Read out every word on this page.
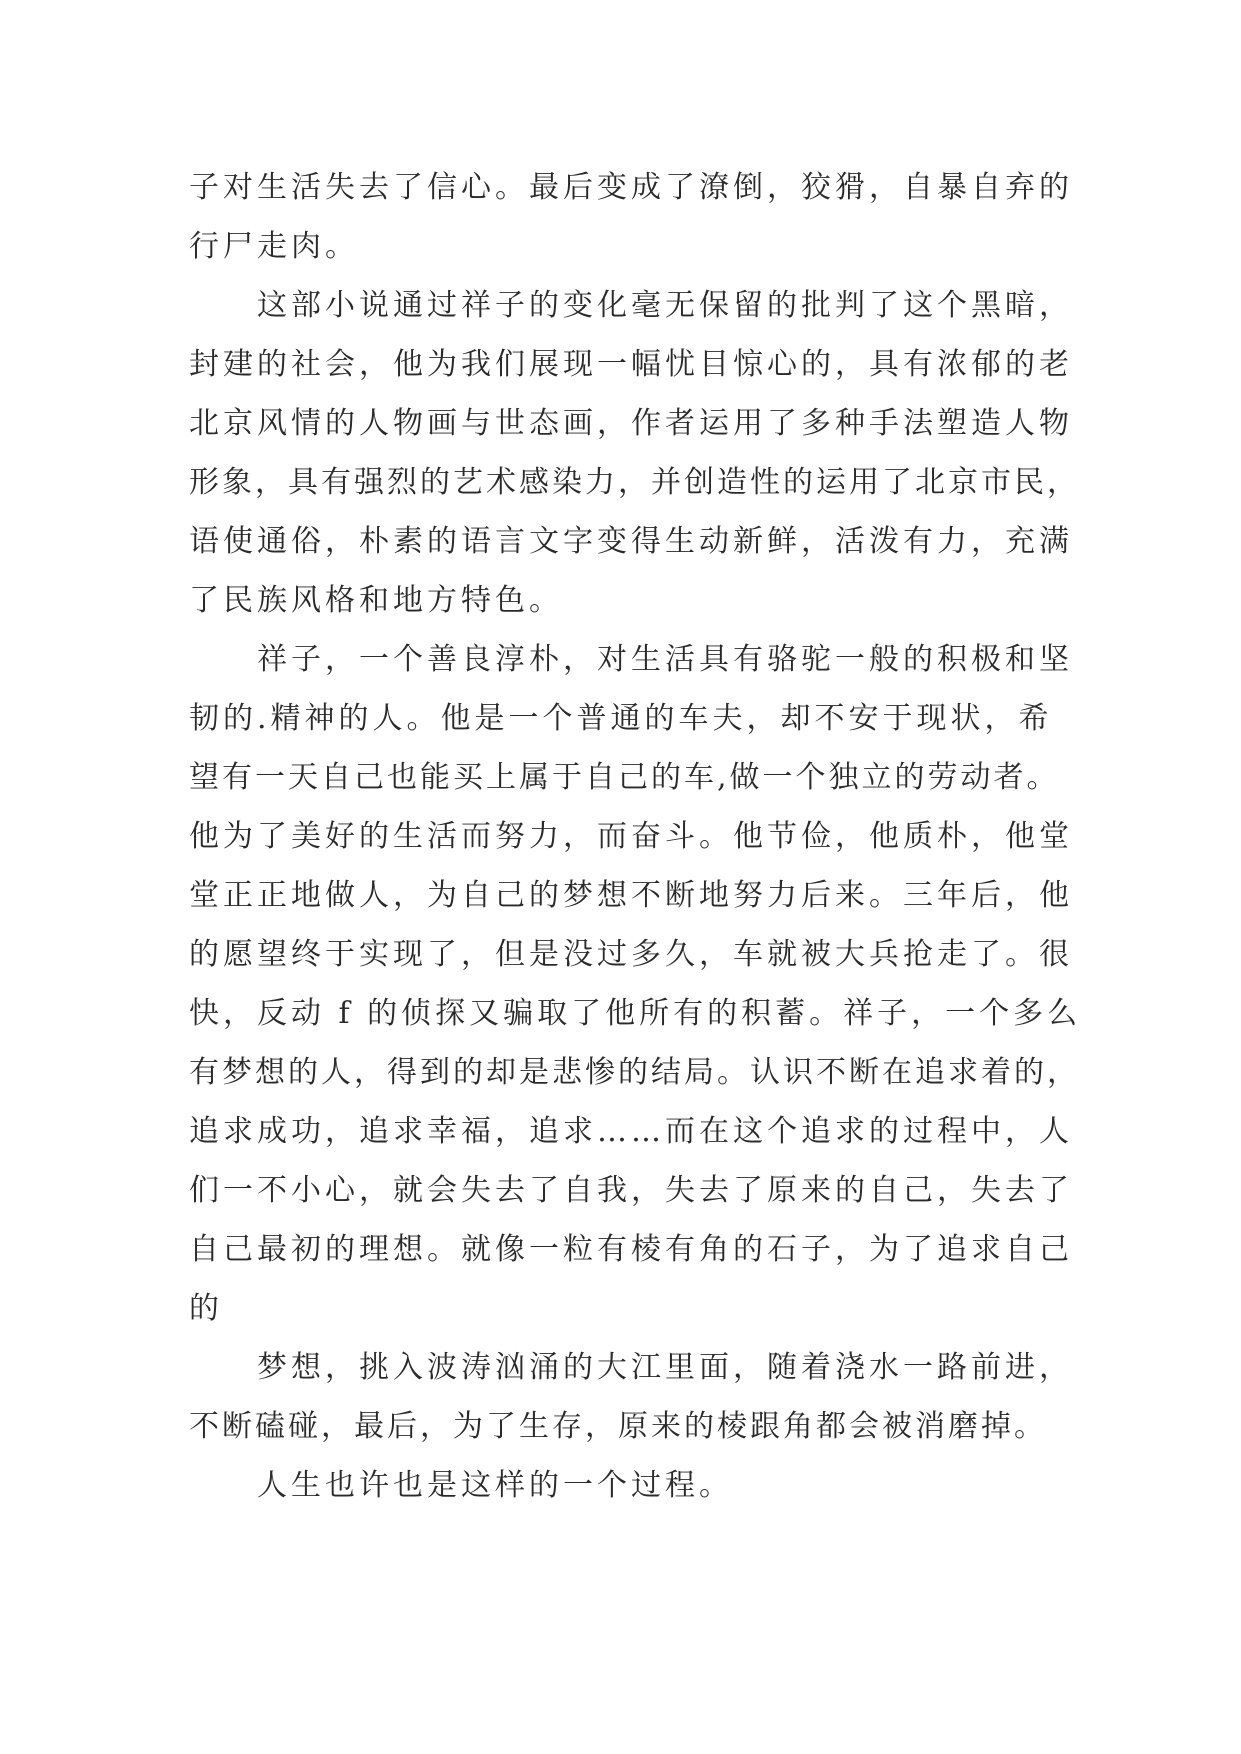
子对生活失去了信心。最后变成了潦倒，狡猾，自暴自弃的
行尸走肉。
这部小说通过祥子的变化毫无保留的批判了这个黑暗，
封建的社会，他为我们展现一幅忧目惊心的，具有浓郁的老
北京风情的人物画与世态画，作者运用了多种手法塑造人物
形象，具有强烈的艺术感染力，并创造性的运用了北京市民，
语使通俗，朴素的语言文字变得生动新鲜，活泼有力，充满
了民族风格和地方特色。
祥子，一个善良淳朴，对生活具有骆驼一般的积极和坚
韧的.精神的人。他是一个普通的车夫，却不安于现状，希
望有一天自己也能买上属于自己的车,做一个独立的劳动者。
他为了美好的生活而努力，而奋斗。他节俭，他质朴，他堂
堂正正地做人，为自己的梦想不断地努力后来。三年后，他
的愿望终于实现了，但是没过多久，车就被大兵抢走了。很
快，反动 f 的侦探又骗取了他所有的积蓄。祥子，一个多么
有梦想的人，得到的却是悲惨的结局。认识不断在追求着的，
追求成功，追求幸福，追求……而在这个追求的过程中，人
们一不小心，就会失去了自我，失去了原来的自己，失去了
自己最初的理想。就像一粒有棱有角的石子，为了追求自己
的
梦想，挑入波涛汹涌的大江里面，随着浇水一路前进，
不断磕碰，最后，为了生存，原来的棱跟角都会被消磨掉。
人生也许也是这样的一个过程。
